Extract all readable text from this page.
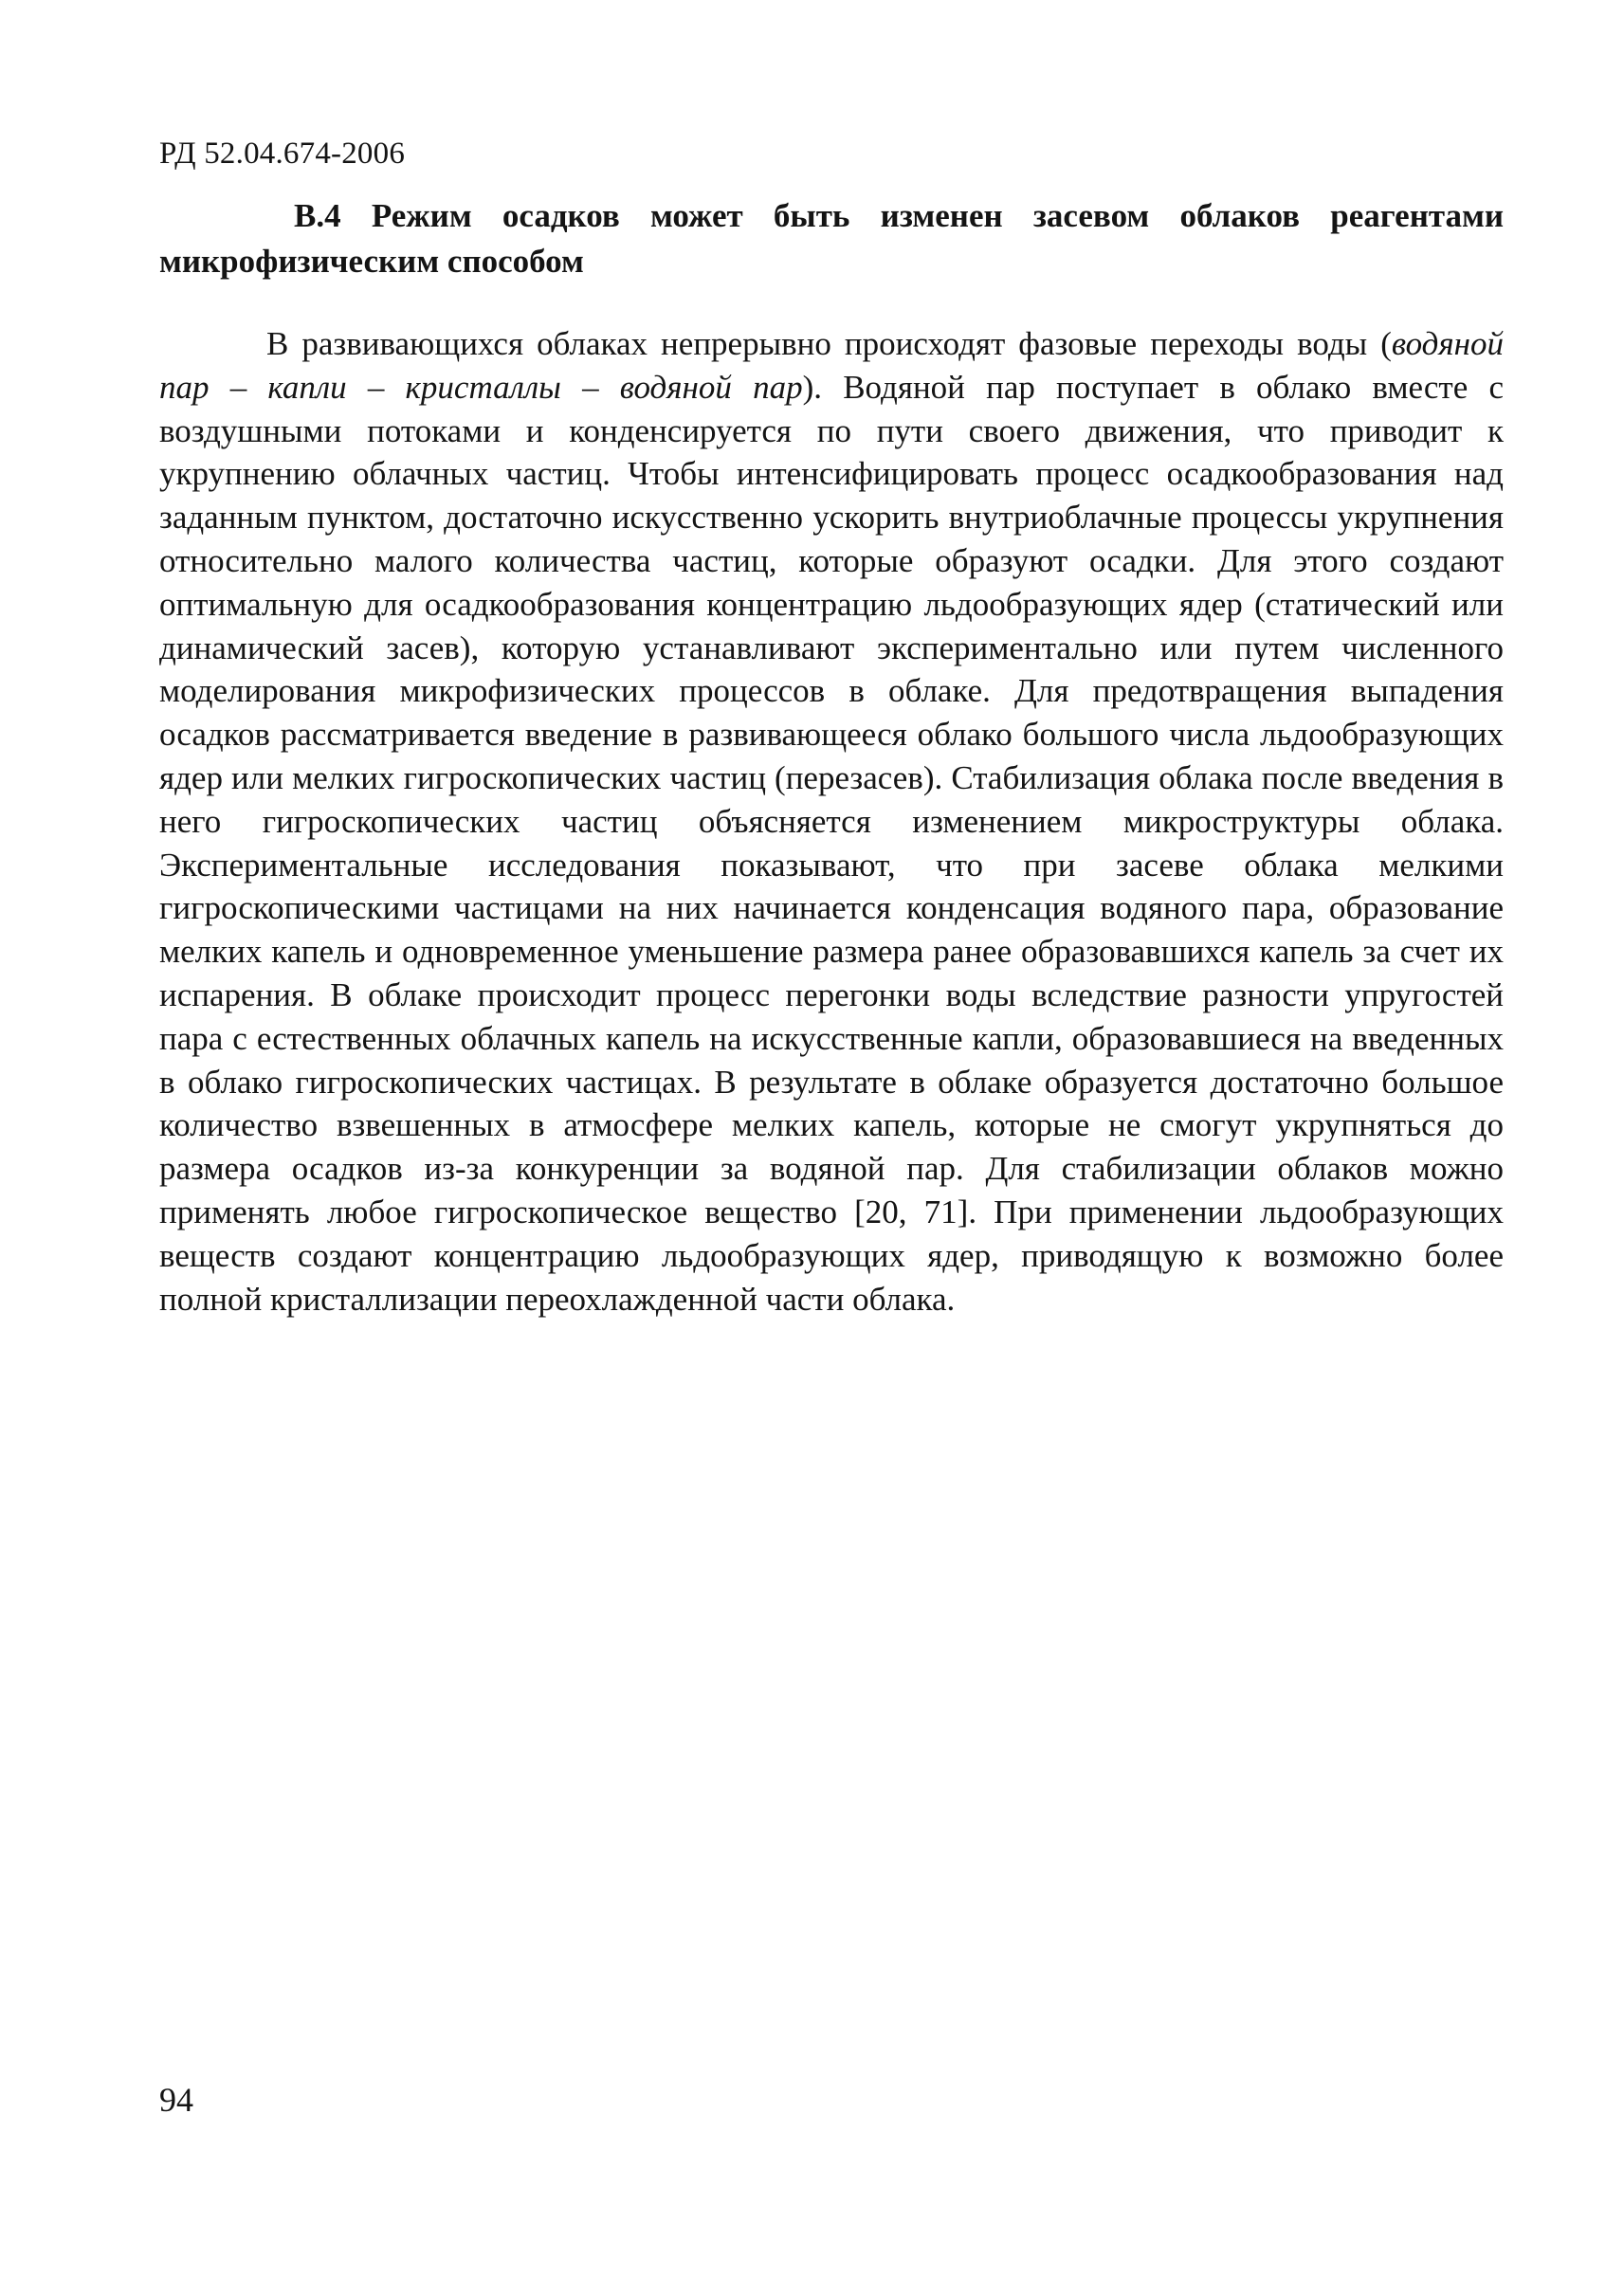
РД 52.04.674-2006
В.4 Режим осадков может быть изменен засевом облаков реагентами микрофизическим способом

В развивающихся облаках непрерывно происходят фазовые переходы воды (водяной пар – капли – кристаллы – водяной пар). Водяной пар поступает в облако вместе с воздушными потоками и конденсируется по пути своего движения, что приводит к укрупнению облачных частиц. Чтобы интенсифицировать процесс осадкообразования над заданным пунктом, достаточно искусственно ускорить внутриоблачные процессы укрупнения относительно малого количества частиц, которые образуют осадки. Для этого создают оптимальную для осадкообразования концентрацию льдообразующих ядер (статический или динамический засев), которую устанавливают экспериментально или путем численного моделирования микрофизических процессов в облаке. Для предотвращения выпадения осадков рассматривается введение в развивающееся облако большого числа льдообразующих ядер или мелких гигроскопических частиц (перезасев). Стабилизация облака после введения в него гигроскопических частиц объясняется изменением микроструктуры облака. Экспериментальные исследования показывают, что при засеве облака мелкими гигроскопическими частицами на них начинается конденсация водяного пара, образование мелких капель и одновременное уменьшение размера ранее образовавшихся капель за счет их испарения. В облаке происходит процесс перегонки воды вследствие разности упругостей пара с естественных облачных капель на искусственные капли, образовавшиеся на введенных в облако гигроскопических частицах. В результате в облаке образуется достаточно большое количество взвешенных в атмосфере мелких капель, которые не смогут укрупняться до размера осадков из-за конкуренции за водяной пар. Для стабилизации облаков можно применять любое гигроскопическое вещество [20, 71]. При применении льдообразующих веществ создают концентрацию льдообразующих ядер, приводящую к возможно более полной кристаллизации переохлажденной части облака.

94
